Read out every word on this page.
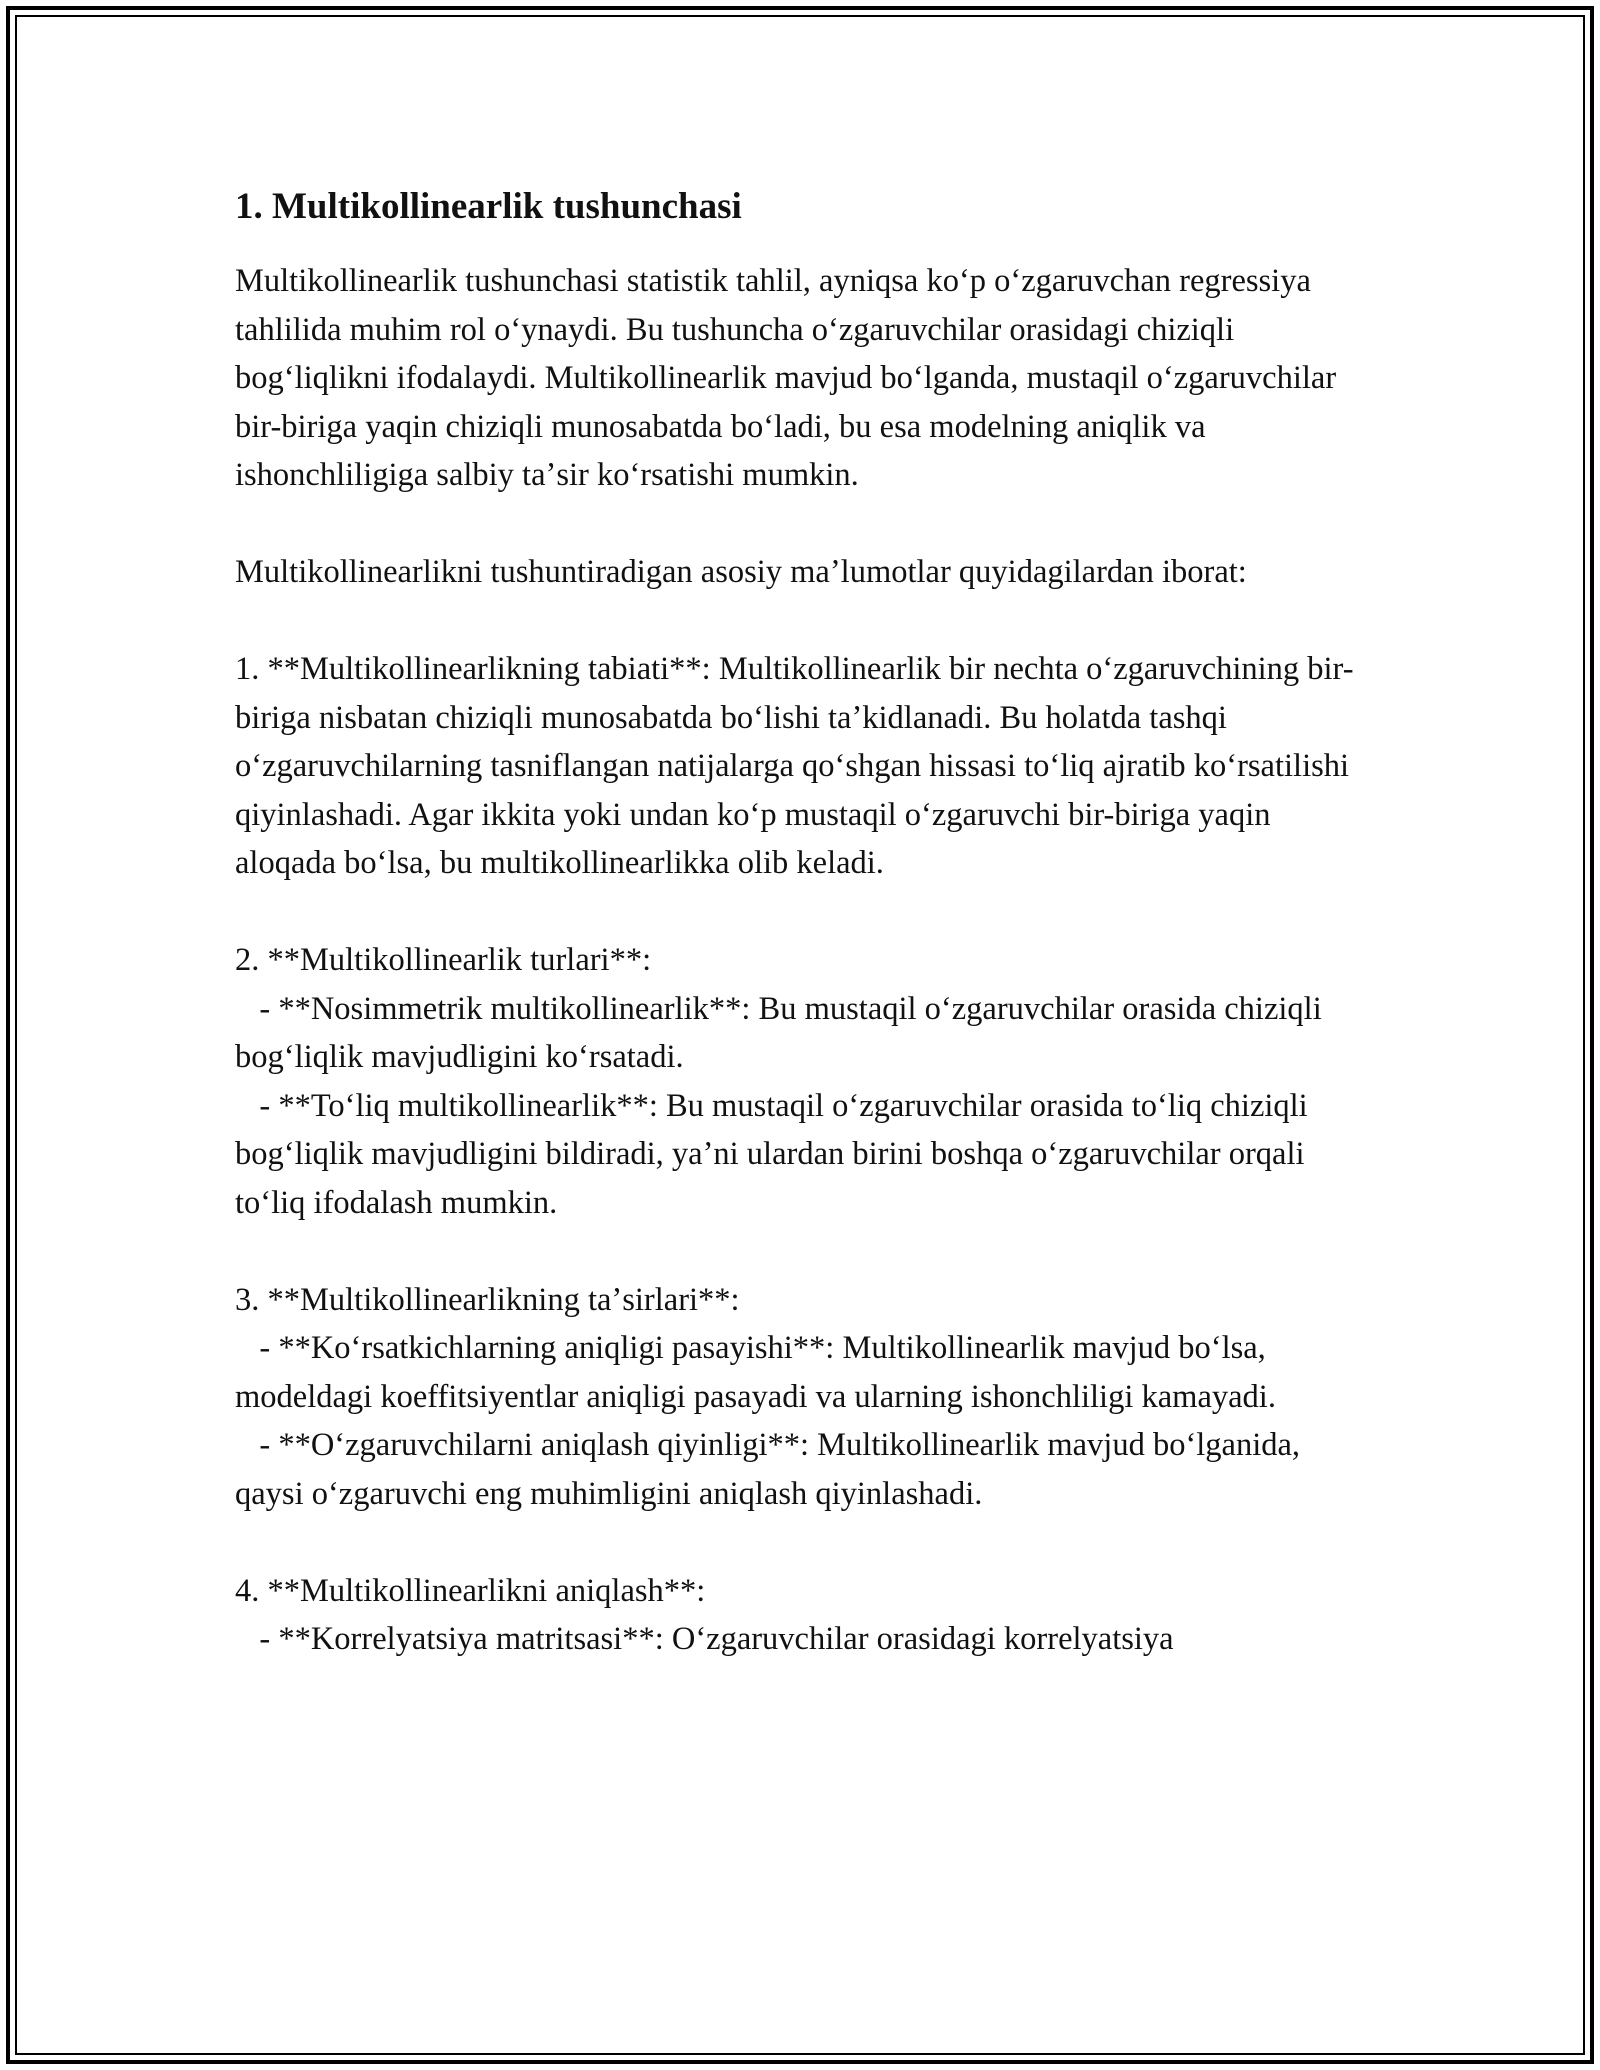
1. Multikollinearlik tushunchasi

Multikollinearlik tushunchasi statistik tahlil, ayniqsa koʻp oʻzgaruvchan regressiya tahlilida muhim rol oʻynaydi. Bu tushuncha oʻzgaruvchilar orasidagi chiziqli bogʻliqlikni ifodalaydi. Multikollinearlik mavjud boʻlganda, mustaqil oʻzgaruvchilar bir-biriga yaqin chiziqli munosabatda boʻladi, bu esa modelning aniqlik va ishonchliligiga salbiy taʼsir koʻrsatishi mumkin.

Multikollinearlikni tushuntiradigan asosiy maʼlumotlar quyidagilardan iborat:

1. **Multikollinearlikning tabiati**: Multikollinearlik bir nechta oʻzgaruvchining bir-biriga nisbatan chiziqli munosabatda boʻlishi taʼkidlanadi. Bu holatda tashqi oʻzgaruvchilarning tasniflangan natijalarga qoʻshgan hissasi toʻliq ajratib koʻrsatilishi qiyinlashadi. Agar ikkita yoki undan koʻp mustaqil oʻzgaruvchi bir-biriga yaqin aloqada boʻlsa, bu multikollinearlikka olib keladi.

2. **Multikollinearlik turlari**:
- **Nosimmetrik multikollinearlik**: Bu mustaqil oʻzgaruvchilar orasida chiziqli bogʻliqlik mavjudligini koʻrsatadi.
- **Toʻliq multikollinearlik**: Bu mustaqil oʻzgaruvchilar orasida toʻliq chiziqli bogʻliqlik mavjudligini bildiradi, yaʼni ulardan birini boshqa oʻzgaruvchilar orqali toʻliq ifodalash mumkin.

3. **Multikollinearlikning taʼsirlari**:
- **Koʻrsatkichlarning aniqligi pasayishi**: Multikollinearlik mavjud boʻlsa, modeldagi koeffitsiyentlar aniqligi pasayadi va ularning ishonchliligi kamayadi.
- **Oʻzgaruvchilarni aniqlash qiyinligi**: Multikollinearlik mavjud boʻlganida, qaysi oʻzgaruvchi eng muhimligini aniqlash qiyinlashadi.

4. **Multikollinearlikni aniqlash**:
- **Korrelyatsiya matritsasi**: Oʻzgaruvchilar orasidagi korrelyatsiya
